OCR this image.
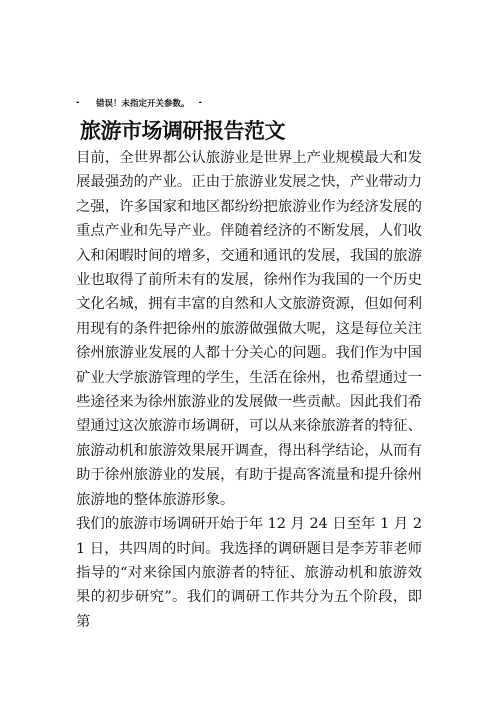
-	错误！未指定开关参数。 -
旅游市场调研报告范文

目前，全世界都公认旅游业是世界上产业规模最大和发展最强劲的产业。正由于旅游业发展之快，产业带动力之强，许多国家和地区都纷纷把旅游业作为经济发展的重点产业和先导产业。伴随着经济的不断发展，人们收入和闲暇时间的增多，交通和通讯的发展，我国的旅游业也取得了前所未有的发展，徐州作为我国的一个历史文化名城，拥有丰富的自然和人文旅游资源，但如何利用现有的条件把徐州的旅游做强做大呢，这是每位关注徐州旅游业发展的人都十分关心的问题。我们作为中国矿业大学旅游管理的学生，生活在徐州，也希望通过一些途径来为徐州旅游业的发展做一些贡献。因此我们希望通过这次旅游市场调研，可以从来徐旅游者的特征、旅游动机和旅游效果展开调查，得出科学结论，从而有助于徐州旅游业的发展，有助于提高客流量和提升徐州旅游地的整体旅游形象。

我们的旅游市场调研开始于年 12 月 24 日至年 1 月 21 日，共四周的时间。我选择的调研题目是李芳菲老师指导的“对来徐国内旅游者的特征、旅游动机和旅游效果的初步研究”。我们的调研工作共分为五个阶段，即第
